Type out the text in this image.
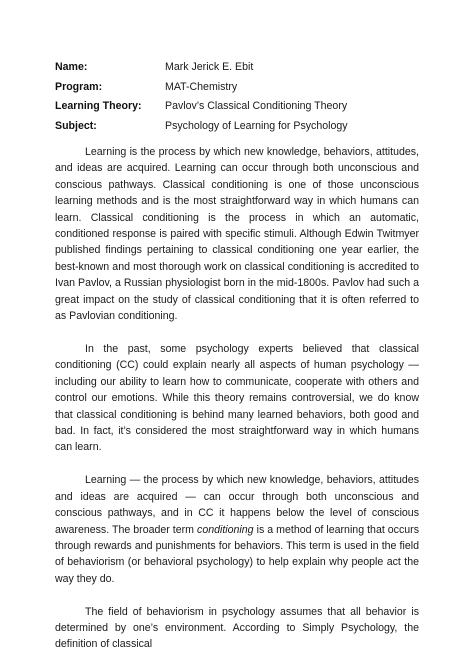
Name:	Mark Jerick E. Ebit
Program:	MAT-Chemistry
Learning Theory:	Pavlov’s Classical Conditioning Theory
Subject:	Psychology of Learning for Psychology

Learning is the process by which new knowledge, behaviors, attitudes, and ideas are acquired. Learning can occur through both unconscious and conscious pathways. Classical conditioning is one of those unconscious learning methods and is the most straightforward way in which humans can learn. Classical conditioning is the process in which an automatic, conditioned response is paired with specific stimuli. Although Edwin Twitmyer published findings pertaining to classical conditioning one year earlier, the best-known and most thorough work on classical conditioning is accredited to Ivan Pavlov, a Russian physiologist born in the mid-1800s. Pavlov had such a great impact on the study of classical conditioning that it is often referred to as Pavlovian conditioning.

In the past, some psychology experts believed that classical conditioning (CC) could explain nearly all aspects of human psychology — including our ability to learn how to communicate, cooperate with others and control our emotions. While this theory remains controversial, we do know that classical conditioning is behind many learned behaviors, both good and bad. In fact, it’s considered the most straightforward way in which humans can learn.

Learning — the process by which new knowledge, behaviors, attitudes and ideas are acquired — can occur through both unconscious and conscious pathways, and in CC it happens below the level of conscious awareness. The broader term conditioning is a method of learning that occurs through rewards and punishments for behaviors. This term is used in the field of behaviorism (or behavioral psychology) to help explain why people act the way they do.

The field of behaviorism in psychology assumes that all behavior is determined by one’s environment. According to Simply Psychology, the definition of classical
